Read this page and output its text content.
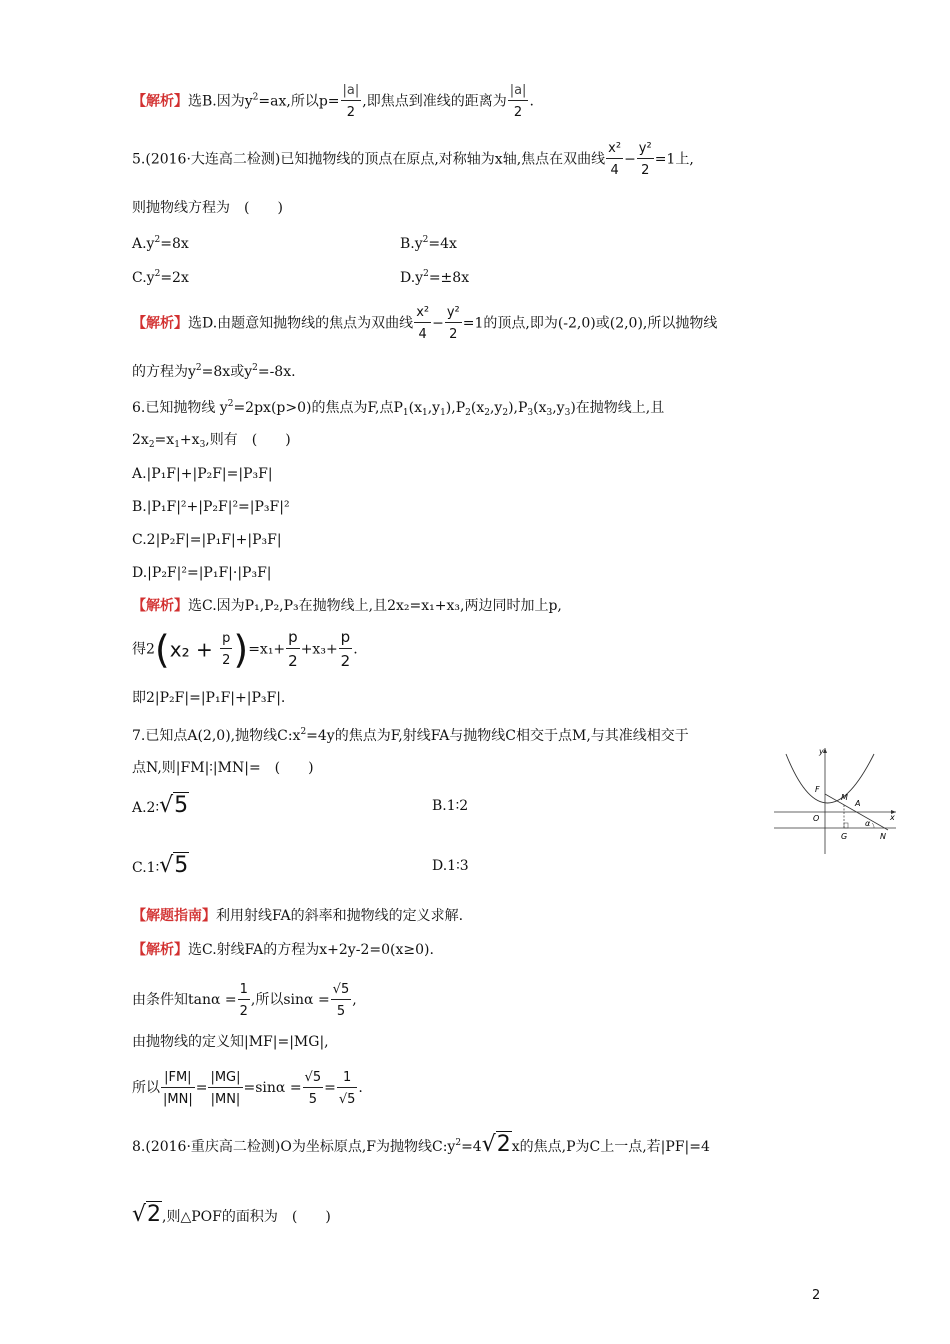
【解析】选B.因为$y^2=ax$,所以$p= \frac{|a|}{2}$ ,即焦点到准线的距离为 $\frac{|a|}{2}$ .
5.(2016·大连高二检测)已知抛物线的顶点在原点,对称轴为x轴,焦点在双曲线 $\frac{\text{x²}}{4} - \frac{\text{y²}}{2} =1$上,
则抛物线方程为　(　　)
$A.y^2=8x$	$B.y^2=4x$
$C.y^2=2x$	$D.y^2=\pm 8x$
【解析】选D.由题意知抛物线的焦点为双曲线 $\frac{\text{x²}}{4} - \frac{\text{y²}}{2} =1$的顶点,即为(-2,0)或(2,0),所以抛物线
的方程为$y^2=8x$或$y^2=-8x$.
6.已知抛物线 $y^2=2px(p>0)$的焦点为F,点$P_1(x_1,y_1),P_2(x_2,y_2),P_3(x_3,y_3)$在抛物线上,且
$2x_2=x_1+x_3$,则有　(　　)
A.|P₁F|+|P₂F|=|P₃F|
B.|P₁F|²+|P₂F|²=|P₃F|²
C.2|P₂F|=|P₁F|+|P₃F|
D.|P₂F|²=|P₁F|·|P₃F|
【解析】选C.因为P₁,P₂,P₃在抛物线上,且2x₂=x₁+x₃,两边同时加上p,
得$2(x_2 + \frac{p}{2} )=x_1+ \frac{p}{2} +x_3+ \frac{p}{2}$ .
即2|P₂F|=|P₁F|+|P₃F|.
7.已知点A(2,0),抛物线$C:x^2=4y$的焦点为F,射线FA与抛物线C相交于点M,与其准线相交于
点N,则|FM|∶|MN|=　(　　)
A.2∶√5	B.1∶2
C.1∶√5	D.1∶3
y
x
F
M
A
O
G	N
α
【解题指南】利用射线FA的斜率和抛物线的定义求解.
【解析】选C.射线FA的方程为x+2y-2=0(x≥0).
由条件知$\tan\alpha = \frac{1}{2}$ ,所以$\sin\alpha = \frac{√5}{5}$ ,
由抛物线的定义知|MF|=|MG|,
所以 $\frac{|FM|}{|MN|} = \frac{|MG|}{|MN|} =\sin\alpha = \frac{√5}{5} = \frac{1}{√5}$ .
8.(2016·重庆高二检测)O为坐标原点,F为抛物线$C:y^2=4√2x$的焦点,P为C上一点,若|PF|=4
√2,则△POF的面积为　(　　)
2
